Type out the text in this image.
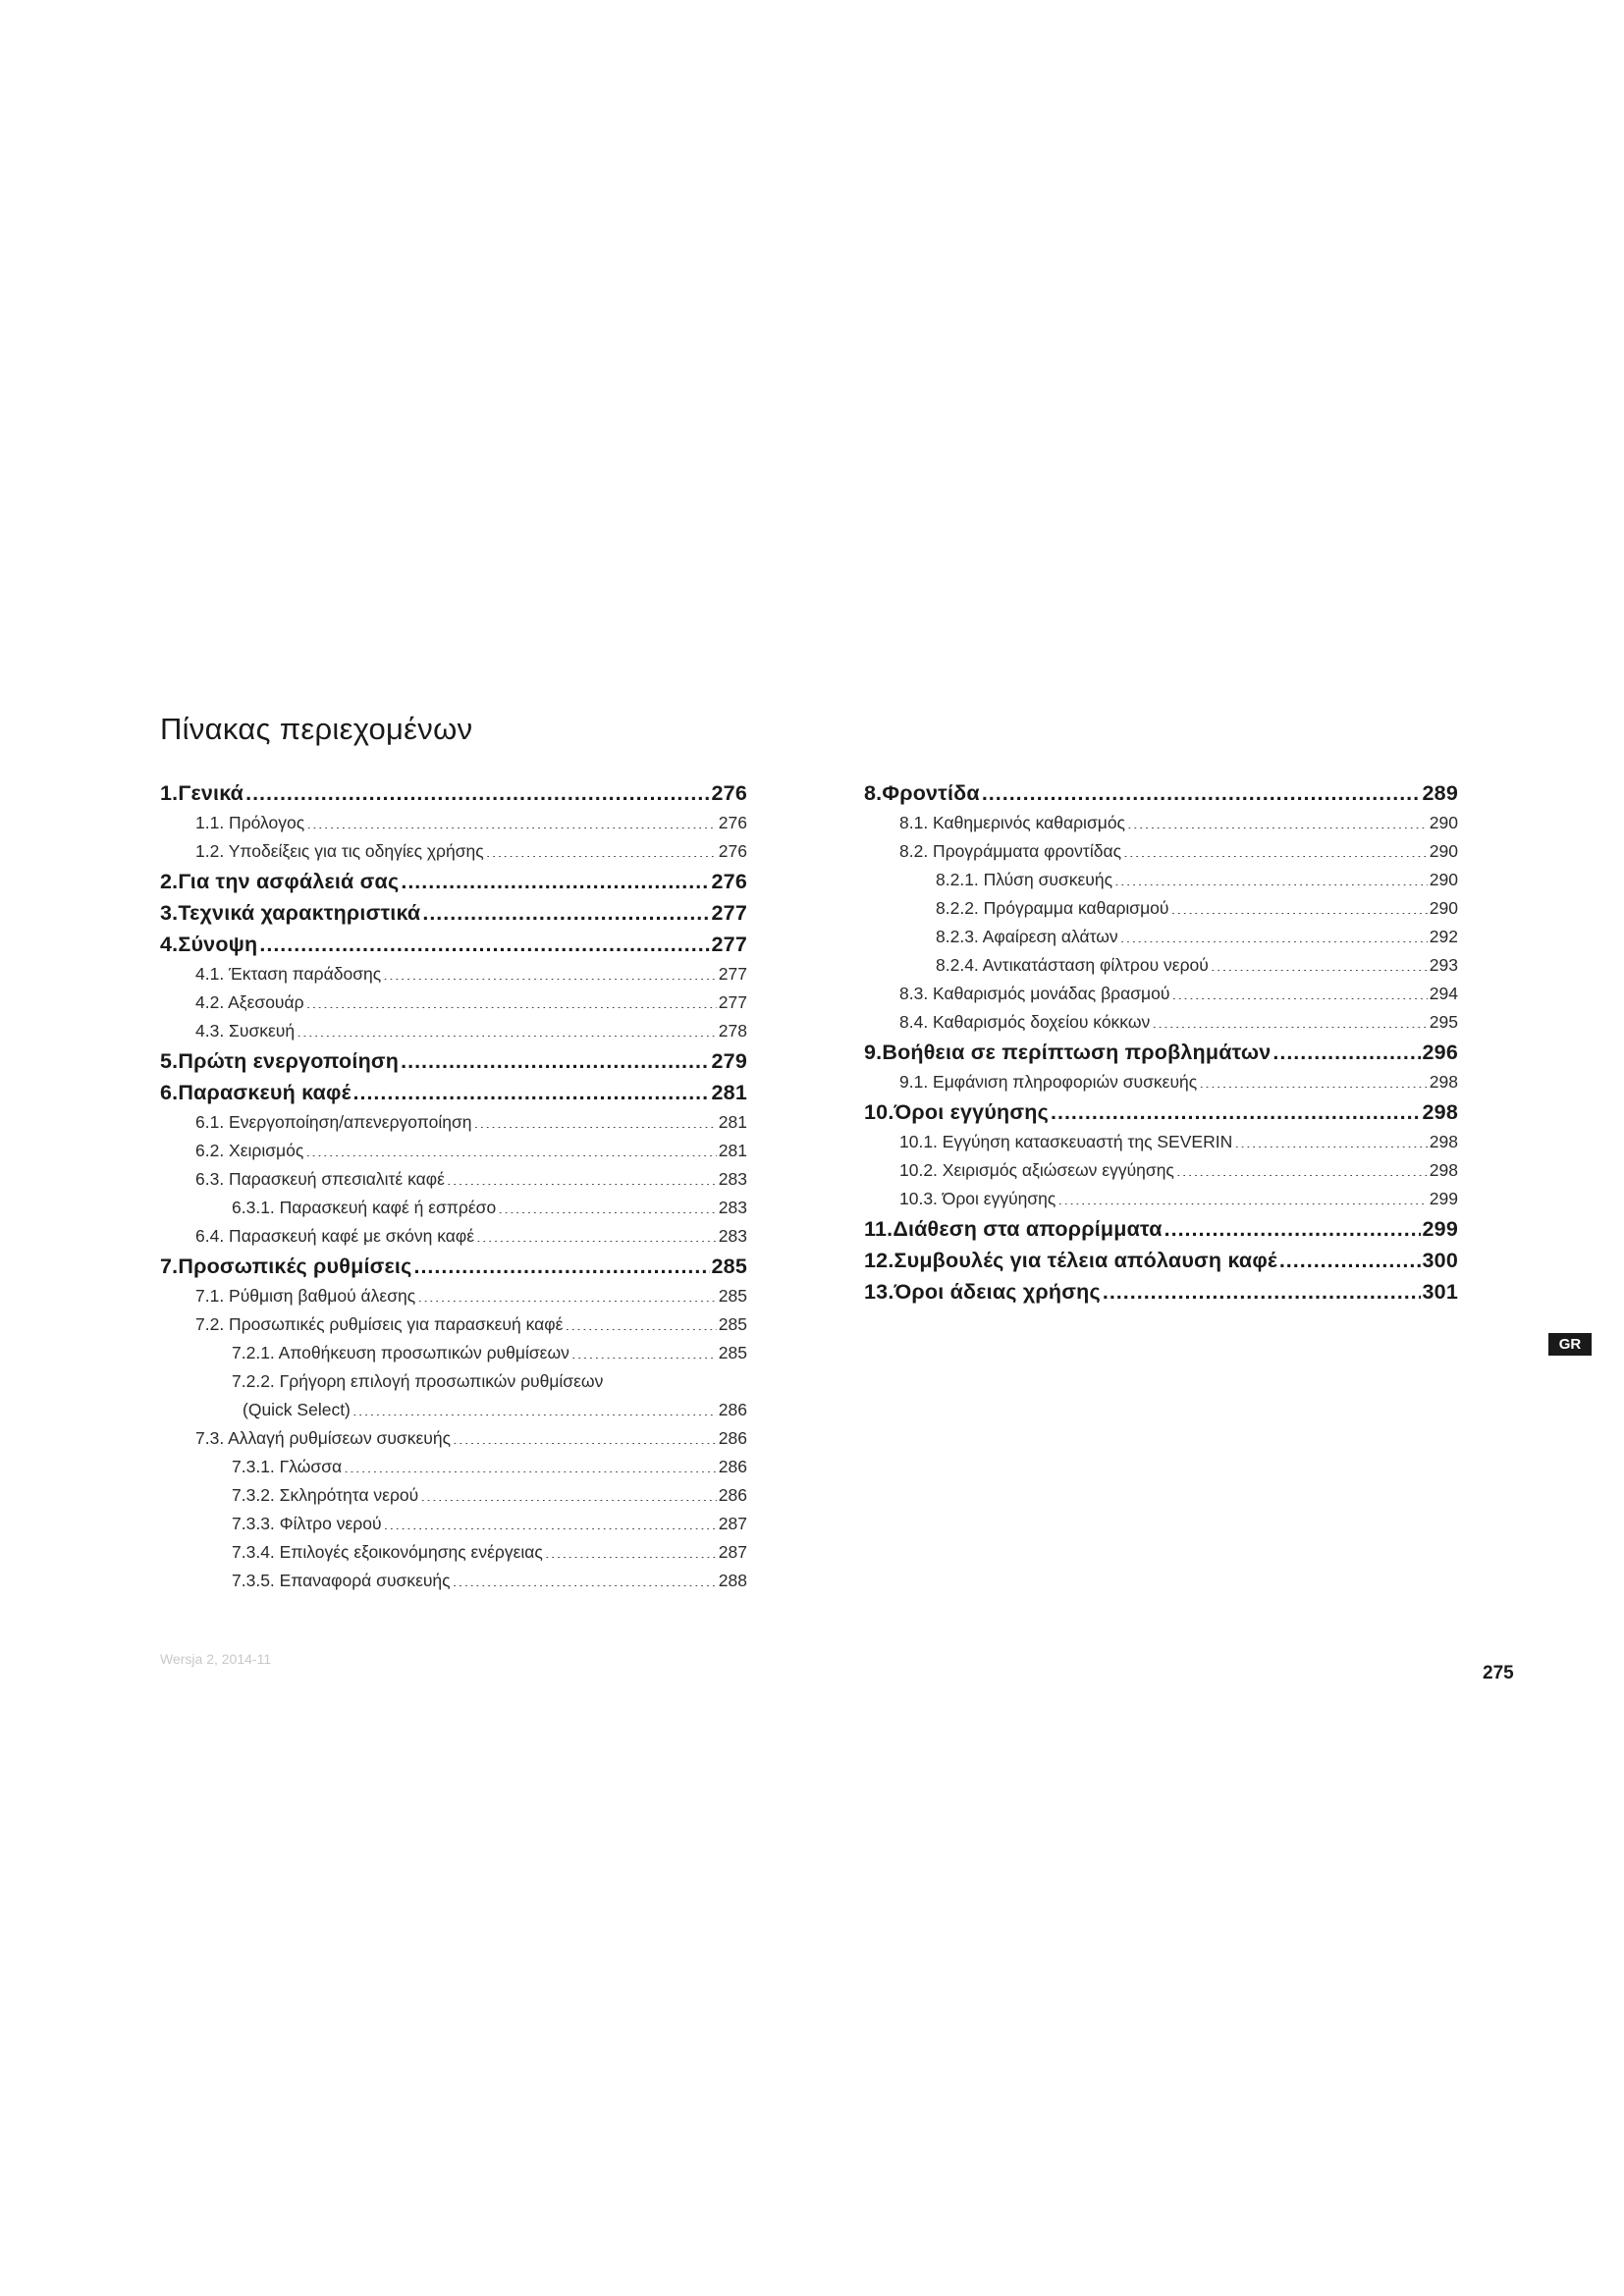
Πίνακας περιεχομένων
1. Γενικά .....	276
1.1. Πρόλογος .....	276
1.2. Υποδείξεις για τις οδηγίες χρήσης .....	276
2. Για την ασφάλειά σας .....	276
3. Τεχνικά χαρακτηριστικά .....	277
4. Σύνοψη .....	277
4.1. Έκταση παράδοσης .....	277
4.2. Αξεσουάρ .....	277
4.3. Συσκευή .....	278
5. Πρώτη ενεργοποίηση .....	279
6. Παρασκευή καφέ .....	281
6.1. Ενεργοποίηση/απενεργοποίηση .....	281
6.2. Χειρισμός .....	281
6.3. Παρασκευή σπεσιαλιτέ καφέ .....	283
6.3.1. Παρασκευή καφέ ή εσπρέσο .....	283
6.4. Παρασκευή καφέ με σκόνη καφέ .....	283
7. Προσωπικές ρυθμίσεις .....	285
7.1. Ρύθμιση βαθμού άλεσης .....	285
7.2. Προσωπικές ρυθμίσεις για παρασκευή καφέ .....	285
7.2.1. Αποθήκευση προσωπικών ρυθμίσεων .....	285
7.2.2. Γρήγορη επιλογή προσωπικών ρυθμίσεων
(Quick Select) .....	286
7.3. Αλλαγή ρυθμίσεων συσκευής .....	286
7.3.1. Γλώσσα .....	286
7.3.2. Σκληρότητα νερού .....	286
7.3.3. Φίλτρο νερού .....	287
7.3.4. Επιλογές εξοικονόμησης ενέργειας .....	287
7.3.5. Επαναφορά συσκευής .....	288
8. Φροντίδα .....	289
8.1. Καθημερινός καθαρισμός .....	290
8.2. Προγράμματα φροντίδας .....	290
8.2.1. Πλύση συσκευής .....	290
8.2.2. Πρόγραμμα καθαρισμού .....	290
8.2.3. Αφαίρεση αλάτων .....	292
8.2.4. Αντικατάσταση φίλτρου νερού .....	293
8.3. Καθαρισμός μονάδας βρασμού .....	294
8.4. Καθαρισμός δοχείου κόκκων .....	295
9. Βοήθεια σε περίπτωση προβλημάτων .....	296
9.1. Εμφάνιση πληροφοριών συσκευής .....	298
10. Όροι εγγύησης .....	298
10.1. Εγγύηση κατασκευαστή της SEVERIN .....	298
10.2. Χειρισμός αξιώσεων εγγύησης .....	298
10.3. Όροι εγγύησης .....	299
11. Διάθεση στα απορρίμματα .....	299
12. Συμβουλές για τέλεια απόλαυση καφέ .....	300
13. Όροι άδειας χρήσης .....	301
GR
Wersja 2, 2014-11
275
